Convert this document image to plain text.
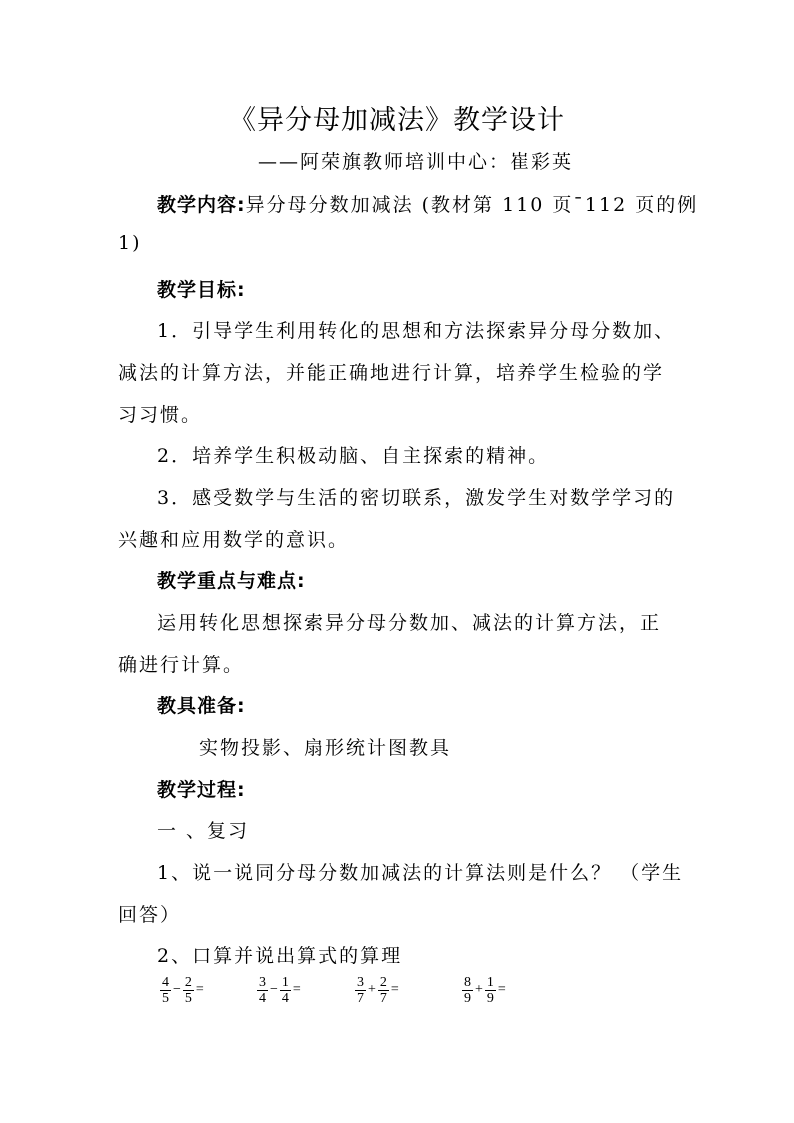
《异分母加减法》教学设计
——阿荣旗教师培训中心：崔彩英
教学内容:异分母分数加减法 (教材第 110 页¯112 页的例
1)
教学目标:
1．引导学生利用转化的思想和方法探索异分母分数加、
减法的计算方法，并能正确地进行计算，培养学生检验的学
习习惯。
2．培养学生积极动脑、自主探索的精神。
3．感受数学与生活的密切联系，激发学生对数学学习的
兴趣和应用数学的意识。
教学重点与难点:
运用转化思想探索异分母分数加、减法的计算方法，正
确进行计算。
教具准备:
实物投影、扇形统计图教具
教学过程:
一 、复习
1、说一说同分母分数加减法的计算法则是什么？ （学生
回答）
2、口算并说出算式的算理
$\frac{4}{5} - \frac{2}{5}$ =	$\frac{3}{4} - \frac{1}{4}$ =	$\frac{3}{7} + \frac{2}{7}$ =	$\frac{8}{9} + \frac{1}{9}$ =
